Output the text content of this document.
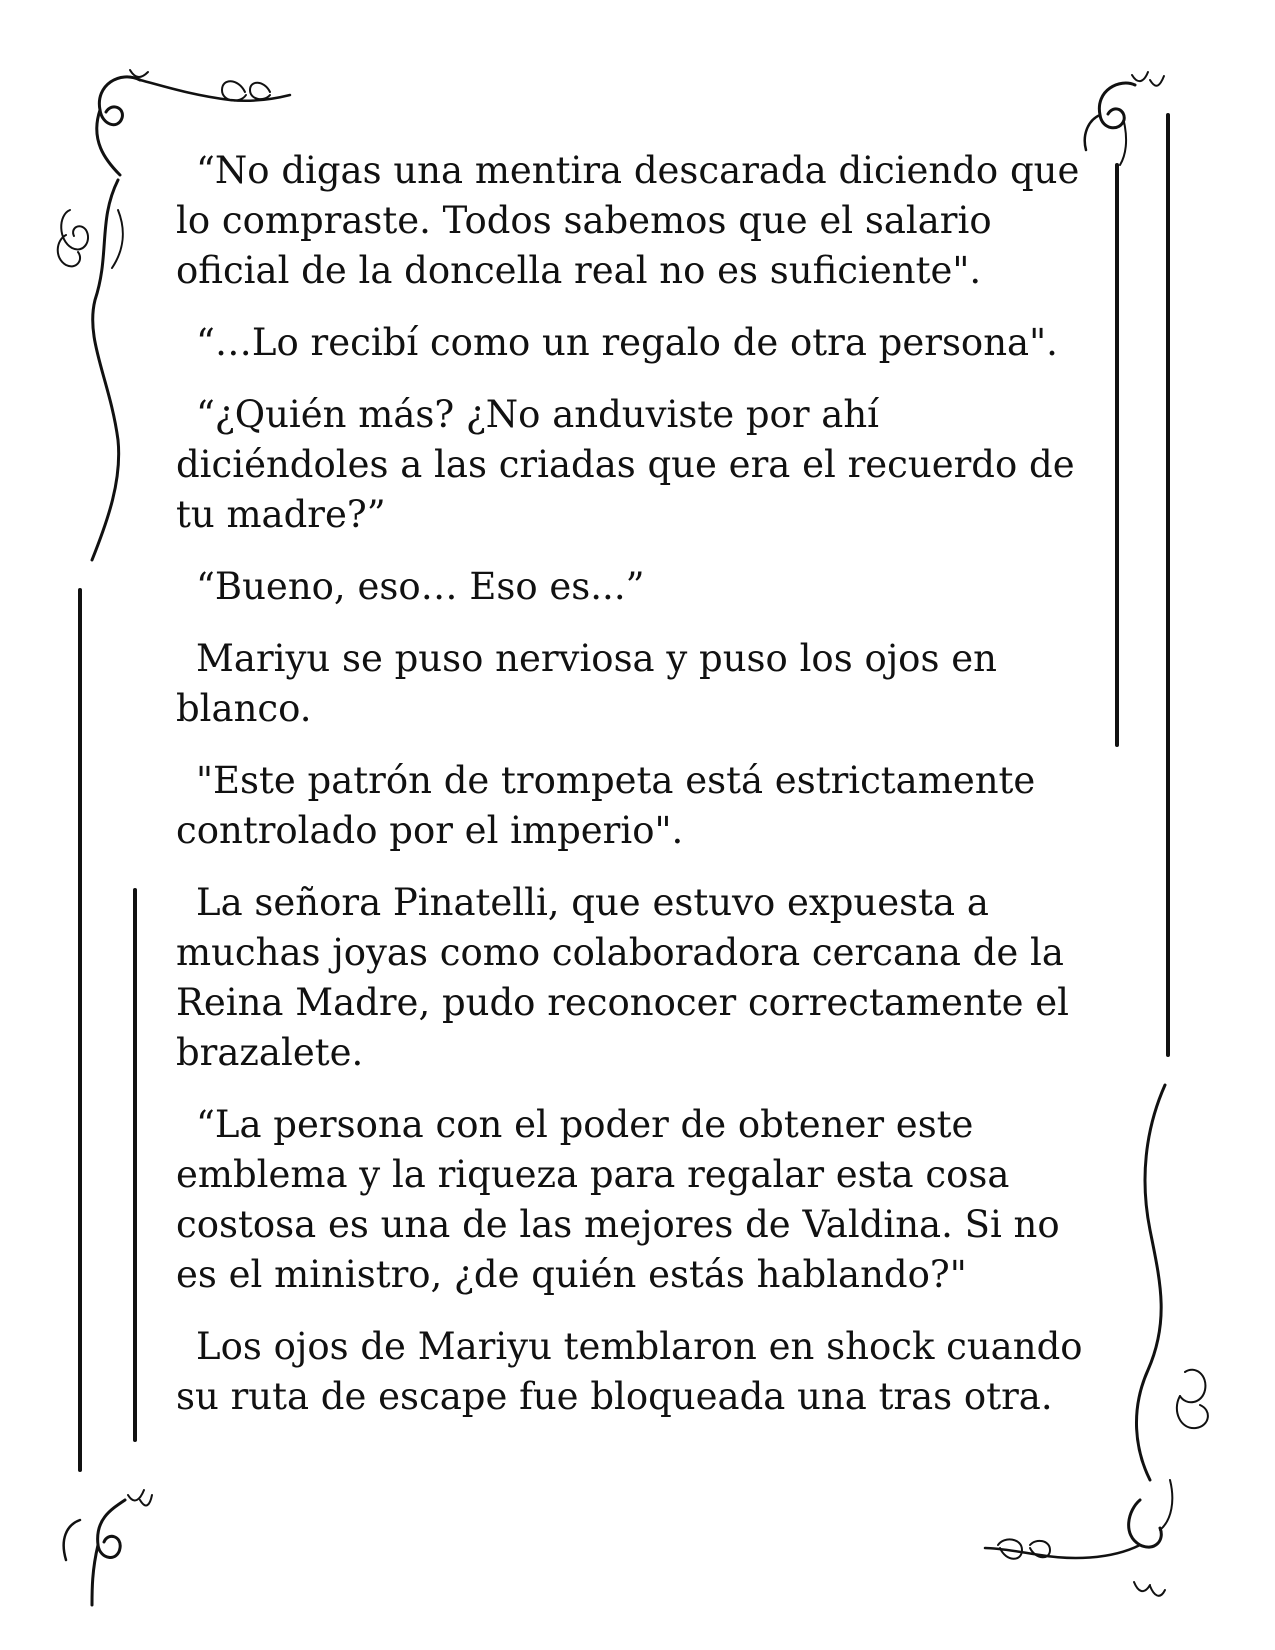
“No digas una mentira descarada diciendo que
lo compraste. Todos sabemos que el salario
oficial de la doncella real no es suficiente".

“…Lo recibí como un regalo de otra persona".

“¿Quién más? ¿No anduviste por ahí
diciéndoles a las criadas que era el recuerdo de
tu madre?”

“Bueno, eso… Eso es...”

Mariyu se puso nerviosa y puso los ojos en
blanco.

"Este patrón de trompeta está estrictamente
controlado por el imperio".

La señora Pinatelli, que estuvo expuesta a
muchas joyas como colaboradora cercana de la
Reina Madre, pudo reconocer correctamente el
brazalete.

“La persona con el poder de obtener este
emblema y la riqueza para regalar esta cosa
costosa es una de las mejores de Valdina. Si no
es el ministro, ¿de quién estás hablando?"

Los ojos de Mariyu temblaron en shock cuando
su ruta de escape fue bloqueada una tras otra.
